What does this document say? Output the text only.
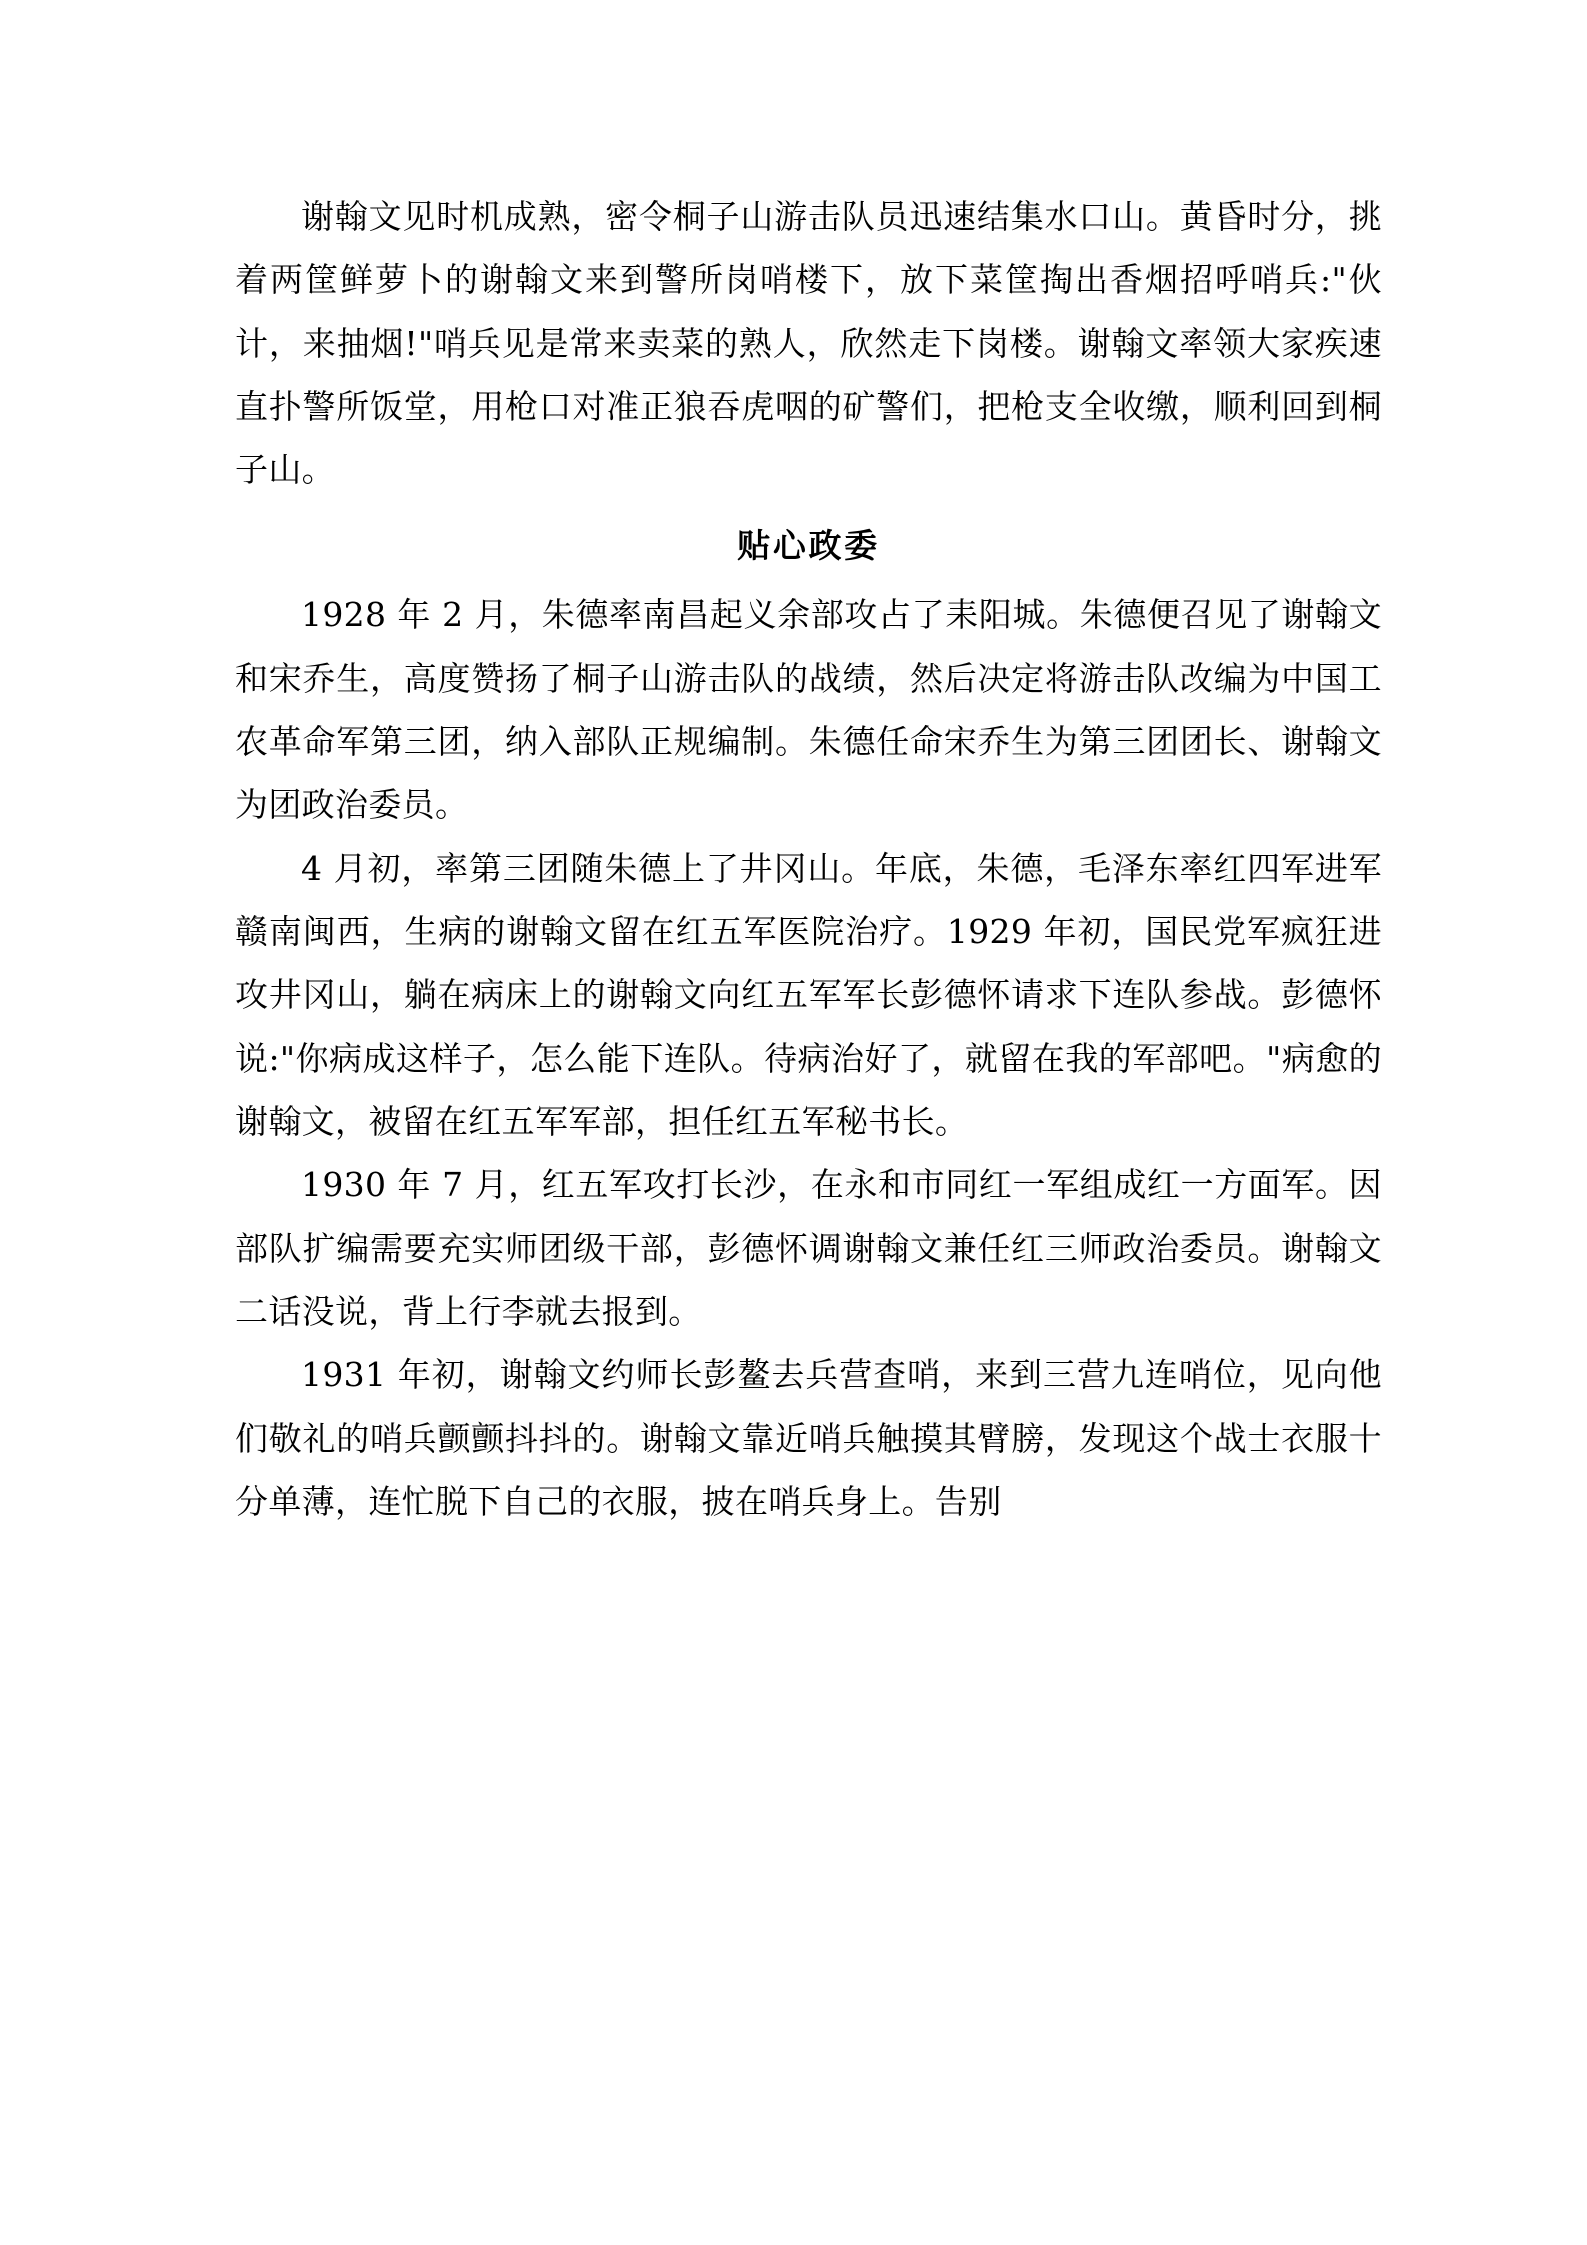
谢翰文见时机成熟，密令桐子山游击队员迅速结集水口山。黄昏时分，挑着两筐鲜萝卜的谢翰文来到警所岗哨楼下，放下菜筐掏出香烟招呼哨兵:"伙计，来抽烟!"哨兵见是常来卖菜的熟人，欣然走下岗楼。谢翰文率领大家疾速直扑警所饭堂，用枪口对准正狼吞虎咽的矿警们，把枪支全收缴，顺利回到桐子山。

贴心政委

1928 年 2 月，朱德率南昌起义余部攻占了耒阳城。朱德便召见了谢翰文和宋乔生，高度赞扬了桐子山游击队的战绩，然后决定将游击队改编为中国工农革命军第三团，纳入部队正规编制。朱德任命宋乔生为第三团团长、谢翰文为团政治委员。

4 月初，率第三团随朱德上了井冈山。年底，朱德，毛泽东率红四军进军赣南闽西，生病的谢翰文留在红五军医院治疗。1929 年初，国民党军疯狂进攻井冈山，躺在病床上的谢翰文向红五军军长彭德怀请求下连队参战。彭德怀说:"你病成这样子，怎么能下连队。待病治好了，就留在我的军部吧。"病愈的谢翰文，被留在红五军军部，担任红五军秘书长。

1930 年 7 月，红五军攻打长沙，在永和市同红一军组成红一方面军。因部队扩编需要充实师团级干部，彭德怀调谢翰文兼任红三师政治委员。谢翰文二话没说，背上行李就去报到。

1931 年初，谢翰文约师长彭鳌去兵营查哨，来到三营九连哨位，见向他们敬礼的哨兵颤颤抖抖的。谢翰文靠近哨兵触摸其臂膀，发现这个战士衣服十分单薄，连忙脱下自己的衣服，披在哨兵身上。告别
